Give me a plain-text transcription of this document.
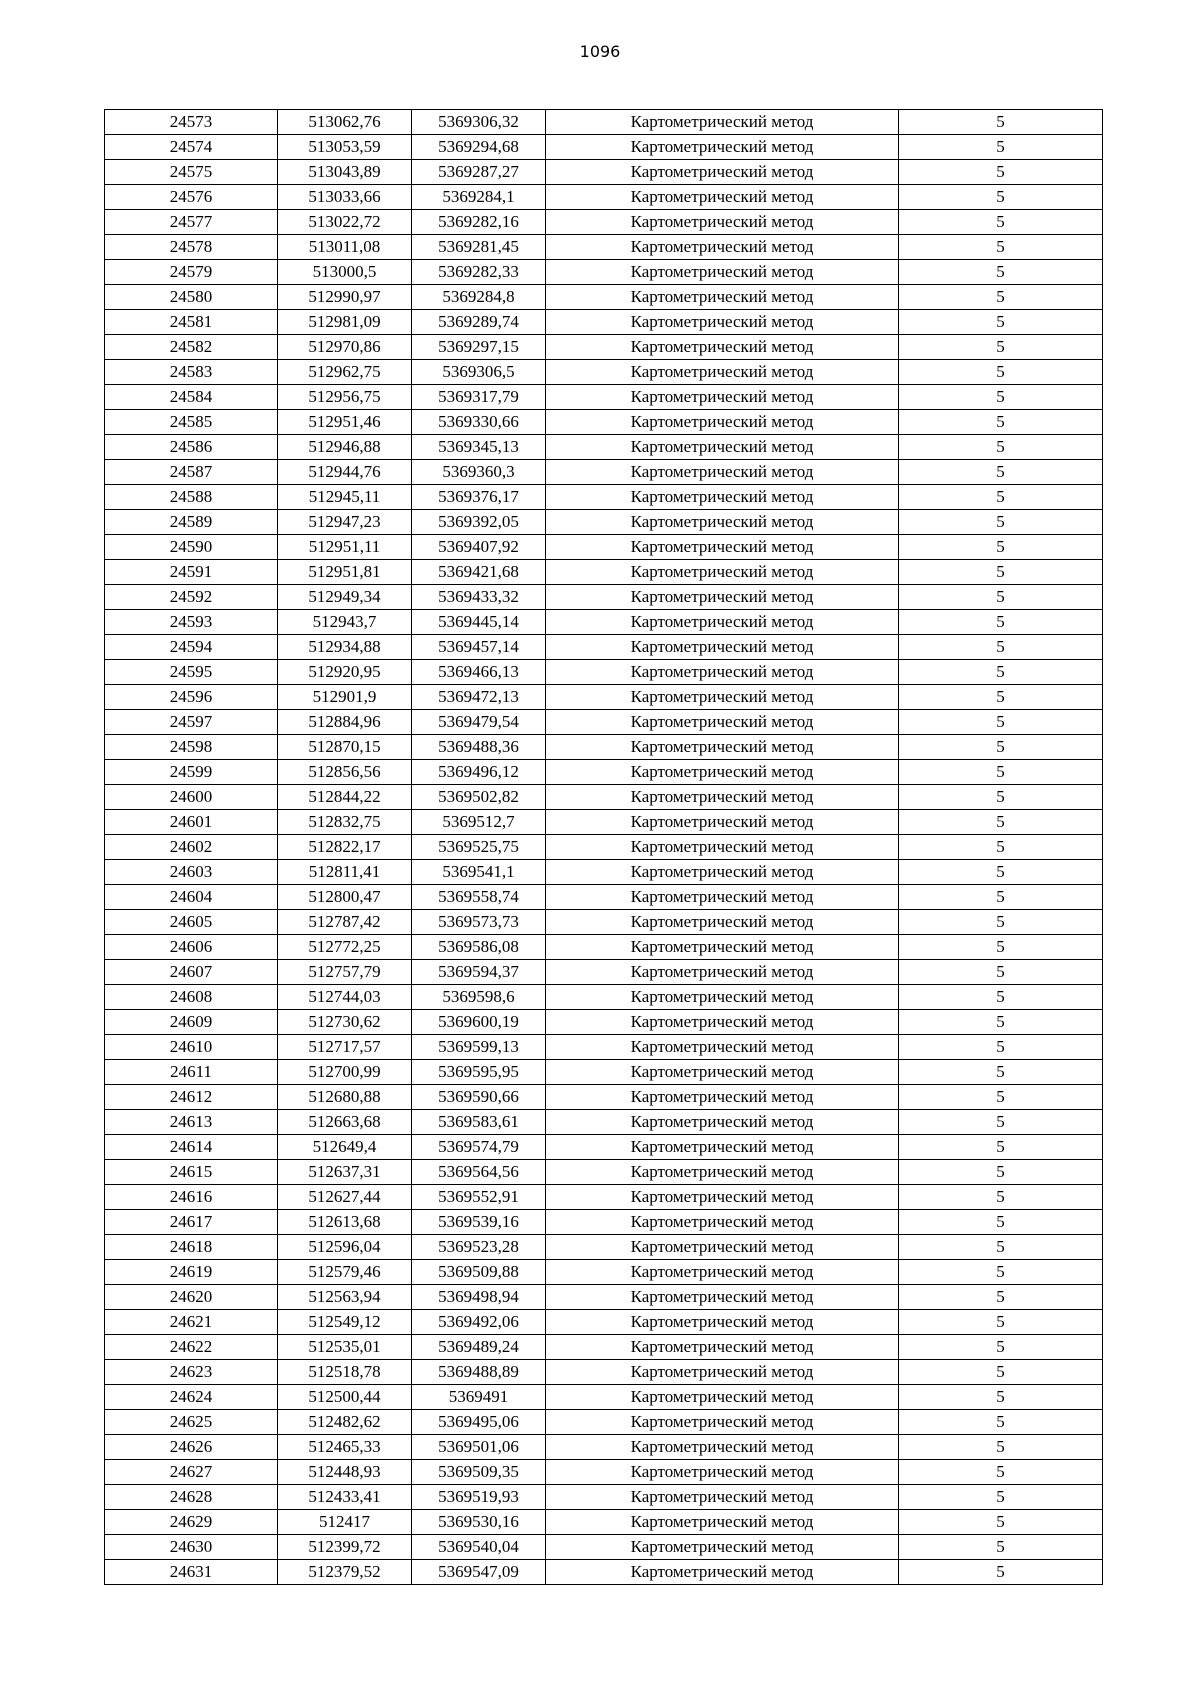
1096
24573	513062,76	5369306,32	Картометрический метод	5
24574	513053,59	5369294,68	Картометрический метод	5
24575	513043,89	5369287,27	Картометрический метод	5
24576	513033,66	5369284,1	Картометрический метод	5
24577	513022,72	5369282,16	Картометрический метод	5
24578	513011,08	5369281,45	Картометрический метод	5
24579	513000,5	5369282,33	Картометрический метод	5
24580	512990,97	5369284,8	Картометрический метод	5
24581	512981,09	5369289,74	Картометрический метод	5
24582	512970,86	5369297,15	Картометрический метод	5
24583	512962,75	5369306,5	Картометрический метод	5
24584	512956,75	5369317,79	Картометрический метод	5
24585	512951,46	5369330,66	Картометрический метод	5
24586	512946,88	5369345,13	Картометрический метод	5
24587	512944,76	5369360,3	Картометрический метод	5
24588	512945,11	5369376,17	Картометрический метод	5
24589	512947,23	5369392,05	Картометрический метод	5
24590	512951,11	5369407,92	Картометрический метод	5
24591	512951,81	5369421,68	Картометрический метод	5
24592	512949,34	5369433,32	Картометрический метод	5
24593	512943,7	5369445,14	Картометрический метод	5
24594	512934,88	5369457,14	Картометрический метод	5
24595	512920,95	5369466,13	Картометрический метод	5
24596	512901,9	5369472,13	Картометрический метод	5
24597	512884,96	5369479,54	Картометрический метод	5
24598	512870,15	5369488,36	Картометрический метод	5
24599	512856,56	5369496,12	Картометрический метод	5
24600	512844,22	5369502,82	Картометрический метод	5
24601	512832,75	5369512,7	Картометрический метод	5
24602	512822,17	5369525,75	Картометрический метод	5
24603	512811,41	5369541,1	Картометрический метод	5
24604	512800,47	5369558,74	Картометрический метод	5
24605	512787,42	5369573,73	Картометрический метод	5
24606	512772,25	5369586,08	Картометрический метод	5
24607	512757,79	5369594,37	Картометрический метод	5
24608	512744,03	5369598,6	Картометрический метод	5
24609	512730,62	5369600,19	Картометрический метод	5
24610	512717,57	5369599,13	Картометрический метод	5
24611	512700,99	5369595,95	Картометрический метод	5
24612	512680,88	5369590,66	Картометрический метод	5
24613	512663,68	5369583,61	Картометрический метод	5
24614	512649,4	5369574,79	Картометрический метод	5
24615	512637,31	5369564,56	Картометрический метод	5
24616	512627,44	5369552,91	Картометрический метод	5
24617	512613,68	5369539,16	Картометрический метод	5
24618	512596,04	5369523,28	Картометрический метод	5
24619	512579,46	5369509,88	Картометрический метод	5
24620	512563,94	5369498,94	Картометрический метод	5
24621	512549,12	5369492,06	Картометрический метод	5
24622	512535,01	5369489,24	Картометрический метод	5
24623	512518,78	5369488,89	Картометрический метод	5
24624	512500,44	5369491	Картометрический метод	5
24625	512482,62	5369495,06	Картометрический метод	5
24626	512465,33	5369501,06	Картометрический метод	5
24627	512448,93	5369509,35	Картометрический метод	5
24628	512433,41	5369519,93	Картометрический метод	5
24629	512417	5369530,16	Картометрический метод	5
24630	512399,72	5369540,04	Картометрический метод	5
24631	512379,52	5369547,09	Картометрический метод	5
